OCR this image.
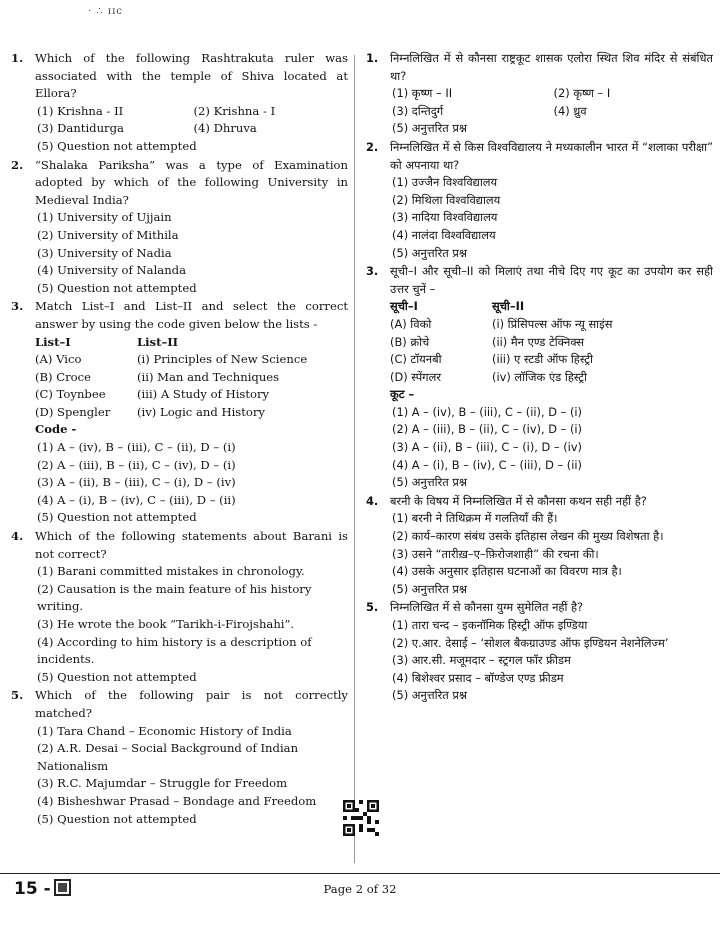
· ∴ ɪɪc
1. Which of the following Rashtrakuta ruler was associated with the temple of Shiva located at Ellora?
(1) Krishna - II	(2) Krishna - I
(3) Dantidurga	(4) Dhruva
(5) Question not attempted
2. “Shalaka Pariksha” was a type of Examination adopted by which of the following University in Medieval India?
(1) University of Ujjain
(2) University of Mithila
(3) University of Nadia
(4) University of Nalanda
(5) Question not attempted
3. Match List–I and List–II and select the correct answer by using the code given below the lists -
List–I	List–II
(A) Vico	(i) Principles of New Science
(B) Croce	(ii) Man and Techniques
(C) Toynbee	(iii) A Study of History
(D) Spengler	(iv) Logic and History
Code -
(1) A – (iv), B – (iii), C – (ii), D – (i)
(2) A – (iii), B – (ii), C – (iv), D – (i)
(3) A – (ii), B – (iii), C – (i), D – (iv)
(4) A – (i), B – (iv), C – (iii), D – (ii)
(5) Question not attempted
4. Which of the following statements about Barani is not correct?
(1) Barani committed mistakes in chronology.
(2) Causation is the main feature of his history writing.
(3) He wrote the book “Tarikh-i-Firojshahi”.
(4) According to him history is a description of incidents.
(5) Question not attempted
5. Which of the following pair is not correctly matched?
(1) Tara Chand – Economic History of India
(2) A.R. Desai – Social Background of Indian Nationalism
(3) R.C. Majumdar – Struggle for Freedom
(4) Bisheshwar Prasad – Bondage and Freedom
(5) Question not attempted
1. निम्नलिखित में से कौनसा राष्ट्रकूट शासक एलोरा स्थित शिव मंदिर से संबंधित था?
(1) कृष्ण – II	(2) कृष्ण – I
(3) दन्तिदुर्ग	(4) ध्रुव
(5) अनुत्तरित प्रश्न
2. निम्नलिखित में से किस विश्वविद्यालय ने मध्यकालीन भारत में “शलाका परीक्षा” को अपनाया था?
(1) उज्जैन विश्वविद्यालय
(2) मिथिला विश्वविद्यालय
(3) नादिया विश्वविद्यालय
(4) नालंदा विश्वविद्यालय
(5) अनुत्तरित प्रश्न
3. सूची–I और सूची–II को मिलाएं तथा नीचे दिए गए कूट का उपयोग कर सही उत्तर चुनें –
सूची–I	सूची–II
(A) विको	(i) प्रिंसिपल्स ऑफ न्यू साइंस
(B) क्रोचे	(ii) मैन एण्ड टेक्निक्स
(C) टॉयनबी	(iii) ए स्टडी ऑफ हिस्ट्री
(D) स्पेंगलर	(iv) लॉजिक एंड हिस्ट्री
कूट –
(1) A – (iv), B – (iii), C – (ii), D – (i)
(2) A – (iii), B – (ii), C – (iv), D – (i)
(3) A – (ii), B – (iii), C – (i), D – (iv)
(4) A – (i), B – (iv), C – (iii), D – (ii)
(5) अनुत्तरित प्रश्न
4. बरनी के विषय में निम्नलिखित में से कौनसा कथन सही नहीं है?
(1) बरनी ने तिथिक्रम में गलतियाँ की हैं।
(2) कार्य–कारण संबंध उसके इतिहास लेखन की मुख्य विशेषता है।
(3) उसने “तारीख़–ए–फ़िरोजशाही” की रचना की।
(4) उसके अनुसार इतिहास घटनाओं का विवरण मात्र है।
(5) अनुत्तरित प्रश्न
5. निम्नलिखित में से कौनसा युग्म सुमेलित नहीं है?
(1) तारा चन्द – इकनॉमिक हिस्ट्री ऑफ इण्डिया
(2) ए.आर. देसाई – ‘सोशल बैकग्राउण्ड ऑफ इण्डियन नेशनेलिज्म’
(3) आर.सी. मजूमदार – स्ट्रगल फॉर फ्रीडम
(4) बिशेश्वर प्रसाद – बॉण्डेज एण्ड फ्रीडम
(5) अनुत्तरित प्रश्न
15 -	Page 2 of 32
